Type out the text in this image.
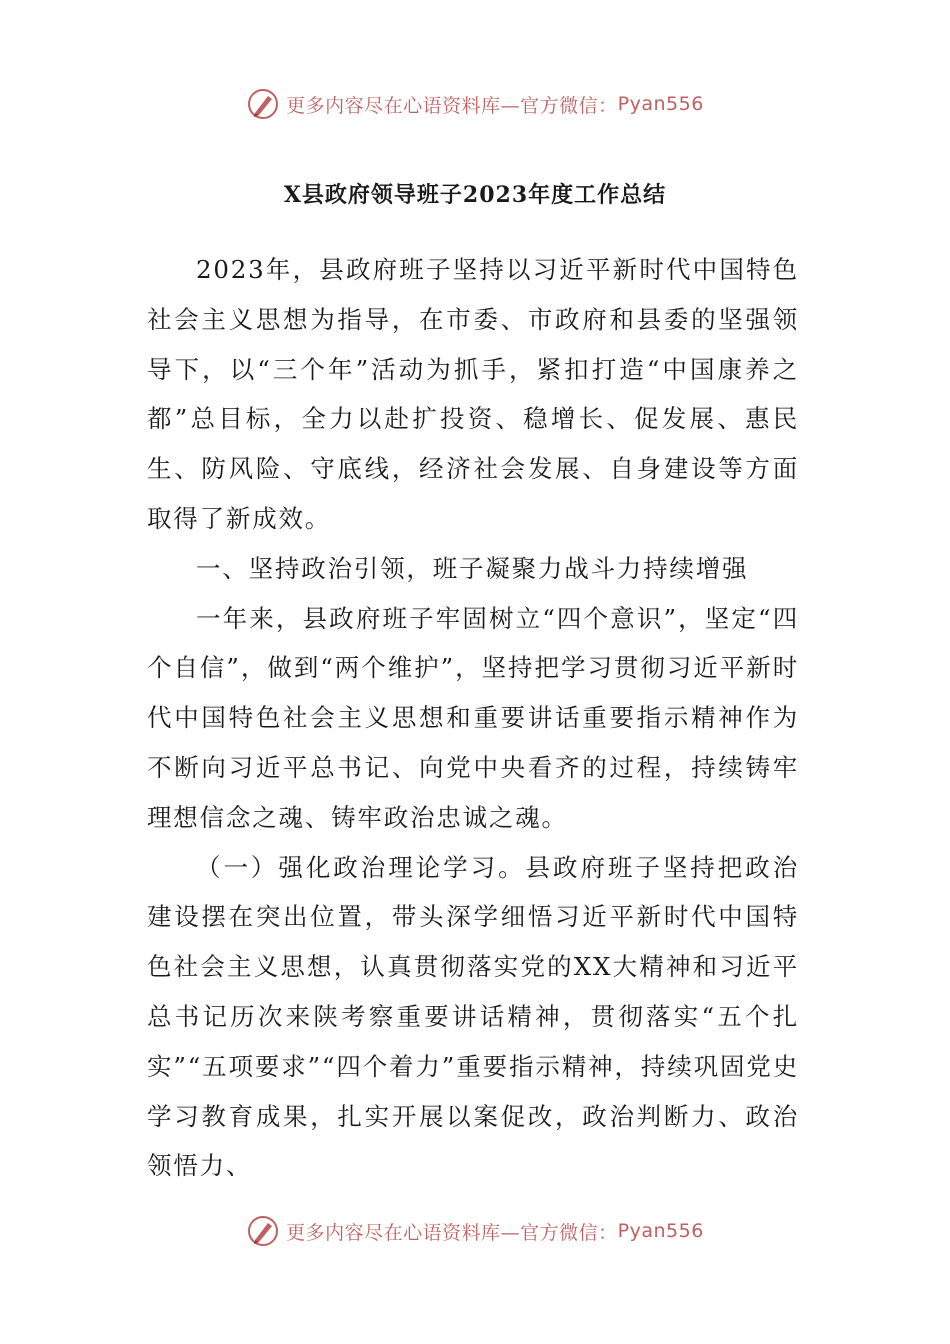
更多内容尽在心语资料库—官方微信： Pyan556
X县政府领导班子2023年度工作总结

2023年，县政府班子坚持以习近平新时代中国特色社会主义思想为指导，在市委、市政府和县委的坚强领导下，以“三个年”活动为抓手，紧扣打造“中国康养之都”总目标，全力以赴扩投资、稳增长、促发展、惠民生、防风险、守底线，经济社会发展、自身建设等方面取得了新成效。

一、坚持政治引领，班子凝聚力战斗力持续增强

一年来，县政府班子牢固树立“四个意识”，坚定“四个自信”，做到“两个维护”，坚持把学习贯彻习近平新时代中国特色社会主义思想和重要讲话重要指示精神作为不断向习近平总书记、向党中央看齐的过程，持续铸牢理想信念之魂、铸牢政治忠诚之魂。

（一）强化政治理论学习。县政府班子坚持把政治建设摆在突出位置，带头深学细悟习近平新时代中国特色社会主义思想，认真贯彻落实党的XX大精神和习近平总书记历次来陕考察重要讲话精神，贯彻落实“五个扎实”“五项要求”“四个着力”重要指示精神，持续巩固党史学习教育成果，扎实开展以案促改，政治判断力、政治领悟力、

更多内容尽在心语资料库—官方微信： Pyan556
